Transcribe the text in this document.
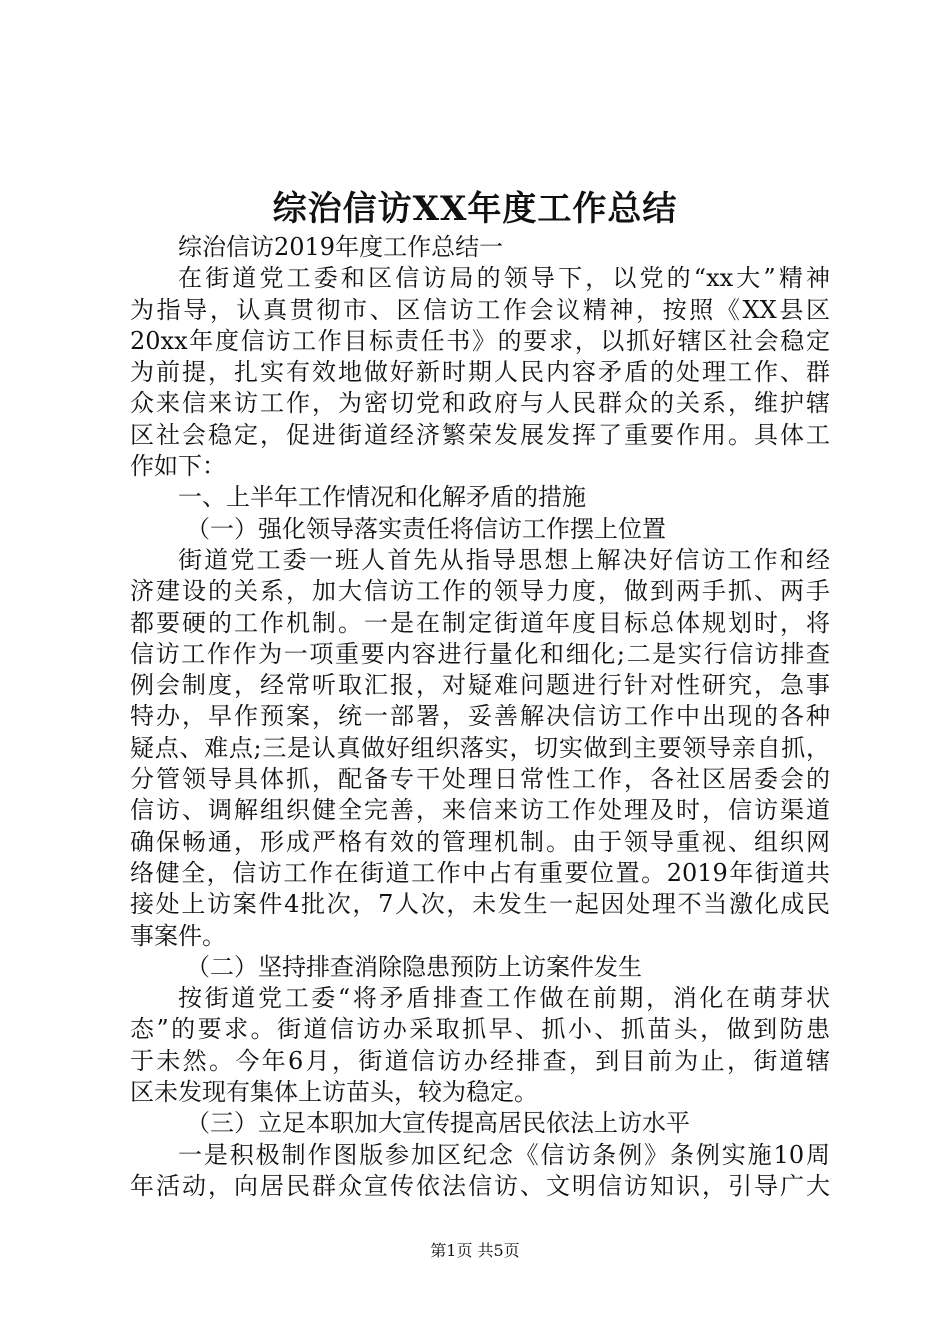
综治信访XX年度工作总结
综治信访2019年度工作总结一
在街道党工委和区信访局的领导下，以党的“xx大”精神
为指导，认真贯彻市、区信访工作会议精神，按照《XX县区
20xx年度信访工作目标责任书》的要求，以抓好辖区社会稳定
为前提，扎实有效地做好新时期人民内容矛盾的处理工作、群
众来信来访工作，为密切党和政府与人民群众的关系，维护辖
区社会稳定，促进街道经济繁荣发展发挥了重要作用。具体工
作如下：
一、上半年工作情况和化解矛盾的措施
（一）强化领导落实责任将信访工作摆上位置
街道党工委一班人首先从指导思想上解决好信访工作和经
济建设的关系，加大信访工作的领导力度，做到两手抓、两手
都要硬的工作机制。一是在制定街道年度目标总体规划时，将
信访工作作为一项重要内容进行量化和细化;二是实行信访排查
例会制度，经常听取汇报，对疑难问题进行针对性研究，急事
特办，早作预案，统一部署，妥善解决信访工作中出现的各种
疑点、难点;三是认真做好组织落实，切实做到主要领导亲自抓，
分管领导具体抓，配备专干处理日常性工作，各社区居委会的
信访、调解组织健全完善，来信来访工作处理及时，信访渠道
确保畅通，形成严格有效的管理机制。由于领导重视、组织网
络健全，信访工作在街道工作中占有重要位置。2019年街道共
接处上访案件4批次，7人次，未发生一起因处理不当激化成民
事案件。
（二）坚持排查消除隐患预防上访案件发生
按街道党工委“将矛盾排查工作做在前期，消化在萌芽状
态”的要求。街道信访办采取抓早、抓小、抓苗头，做到防患
于未然。今年6月，街道信访办经排查，到目前为止，街道辖
区未发现有集体上访苗头，较为稳定。
（三）立足本职加大宣传提高居民依法上访水平
一是积极制作图版参加区纪念《信访条例》条例实施10周
年活动，向居民群众宣传依法信访、文明信访知识，引导广大
第1页 共5页
